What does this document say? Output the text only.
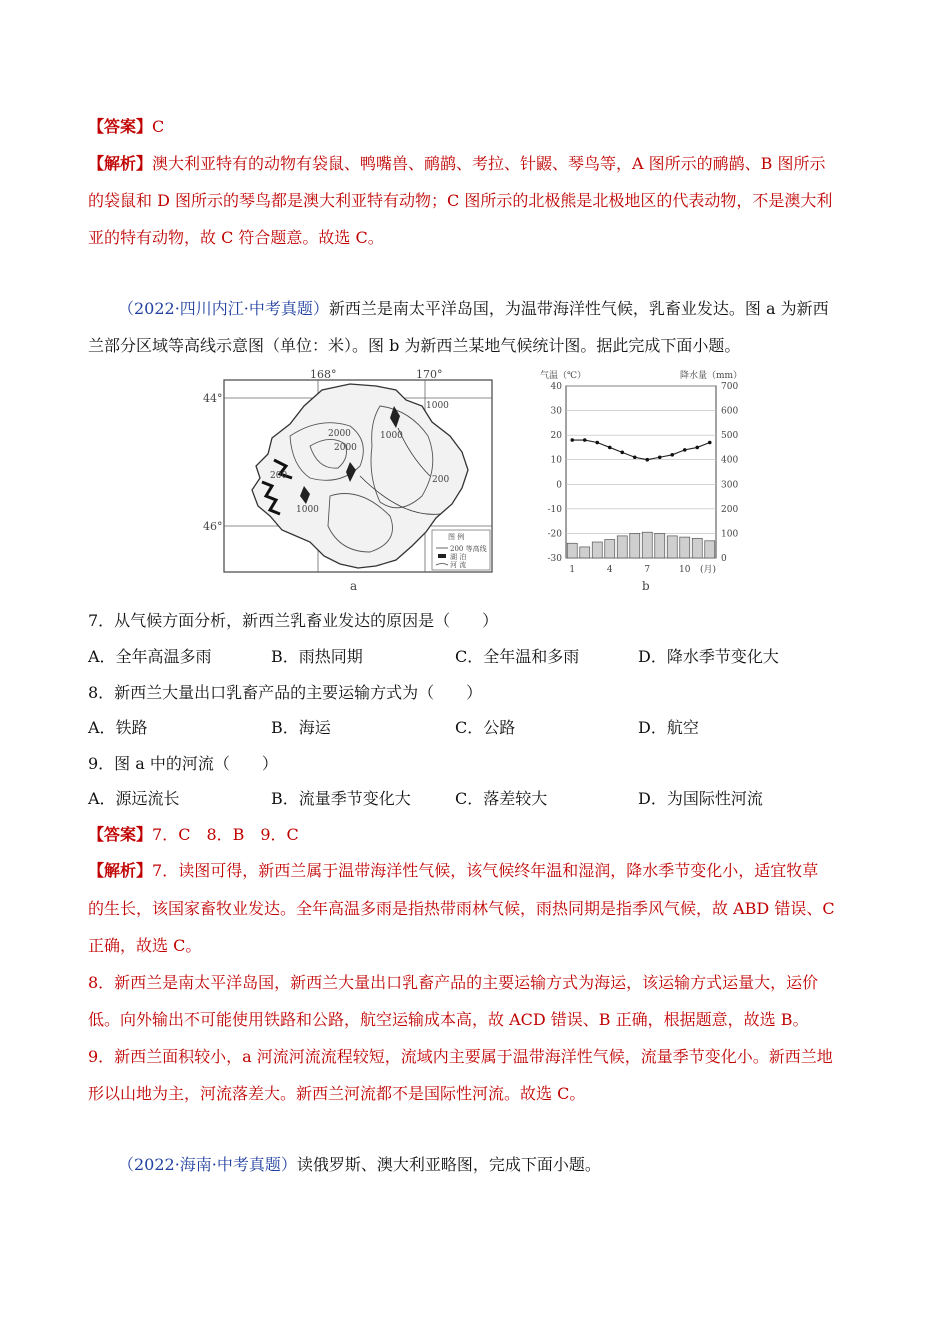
【答案】C
【解析】澳大利亚特有的动物有袋鼠、鸭嘴兽、鸸鹋、考拉、针鼹、琴鸟等，A 图所示的鸸鹋、B 图所示
的袋鼠和 D 图所示的琴鸟都是澳大利亚特有动物；C 图所示的北极熊是北极地区的代表动物，不是澳大利
亚的特有动物，故 C 符合题意。故选 C。
（2022·四川内江·中考真题）新西兰是南太平洋岛国，为温带海洋性气候，乳畜业发达。图 a 为新西
兰部分区域等高线示意图（单位：米）。图 b 为新西兰某地气候统计图。据此完成下面小题。
168°	170°
44°
46°
1000
2000	1000
2000
200	200
1000
图 例
200 等高线
湖 泊
河 流
a
气温（℃）	降水量（mm）
40
30
20
10
0
-10
-20
-30
700
600
500
400
300
200
100
0
1	4	7	10 (月)
b
7．从气候方面分析，新西兰乳畜业发达的原因是（　　）
A．全年高温多雨	B．雨热同期	C．全年温和多雨	D．降水季节变化大
8．新西兰大量出口乳畜产品的主要运输方式为（　　）
A．铁路	B．海运	C．公路	D．航空
9．图 a 中的河流（　　）
A．源远流长	B．流量季节变化大	C．落差较大	D．为国际性河流
【答案】7．C　8．B　9．C
【解析】7．读图可得，新西兰属于温带海洋性气候，该气候终年温和湿润，降水季节变化小，适宜牧草
的生长，该国家畜牧业发达。全年高温多雨是指热带雨林气候，雨热同期是指季风气候，故 ABD 错误、C
正确，故选 C。
8．新西兰是南太平洋岛国，新西兰大量出口乳畜产品的主要运输方式为海运，该运输方式运量大，运价
低。向外输出不可能使用铁路和公路，航空运输成本高，故 ACD 错误、B 正确，根据题意，故选 B。
9．新西兰面积较小，a 河流河流流程较短，流域内主要属于温带海洋性气候，流量季节变化小。新西兰地
形以山地为主，河流落差大。新西兰河流都不是国际性河流。故选 C。
（2022·海南·中考真题）读俄罗斯、澳大利亚略图，完成下面小题。
